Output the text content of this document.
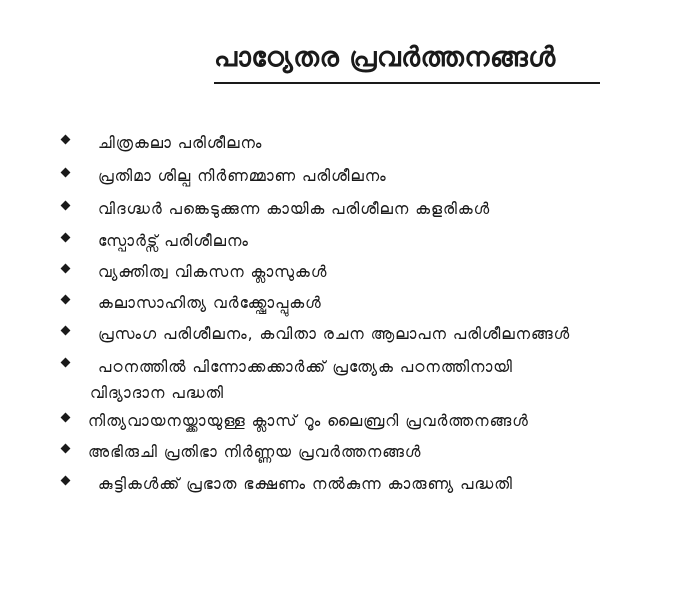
പാഠ്യേതര പ്രവർത്തനങ്ങൾ
ചിത്രകലാ പരിശീലനം
പ്രതിമാ ശില്പ നിർണമ്മാണ പരിശീലനം
വിദഗ്ദ്ധർ പങ്കെടുക്കുന്ന കായിക പരിശീലന കളരികൾ
സ്പോർട്സ് പരിശീലനം
വ്യക്തിത്വ വികസന ക്ലാസുകൾ
കലാസാഹിത്യ വർക്ക്ഷോപ്പുകൾ
പ്രസംഗ പരിശീലനം, കവിതാ രചന ആലാപന പരിശീലനങ്ങൾ
പഠനത്തിൽ പിന്നോക്കക്കാർക്ക് പ്രത്യേക പഠനത്തിനായി
വിദ്യാദാന പദ്ധതി
നിത്യവായനയ്ക്കായുള്ള ക്ലാസ് റൂം ലൈബ്രറി പ്രവർത്തനങ്ങൾ
അഭിരുചി പ്രതിഭാ നിർണ്ണയ പ്രവർത്തനങ്ങൾ
കുട്ടികൾക്ക് പ്രഭാത ഭക്ഷണം നൽകുന്ന കാരുണ്യ പദ്ധതി
